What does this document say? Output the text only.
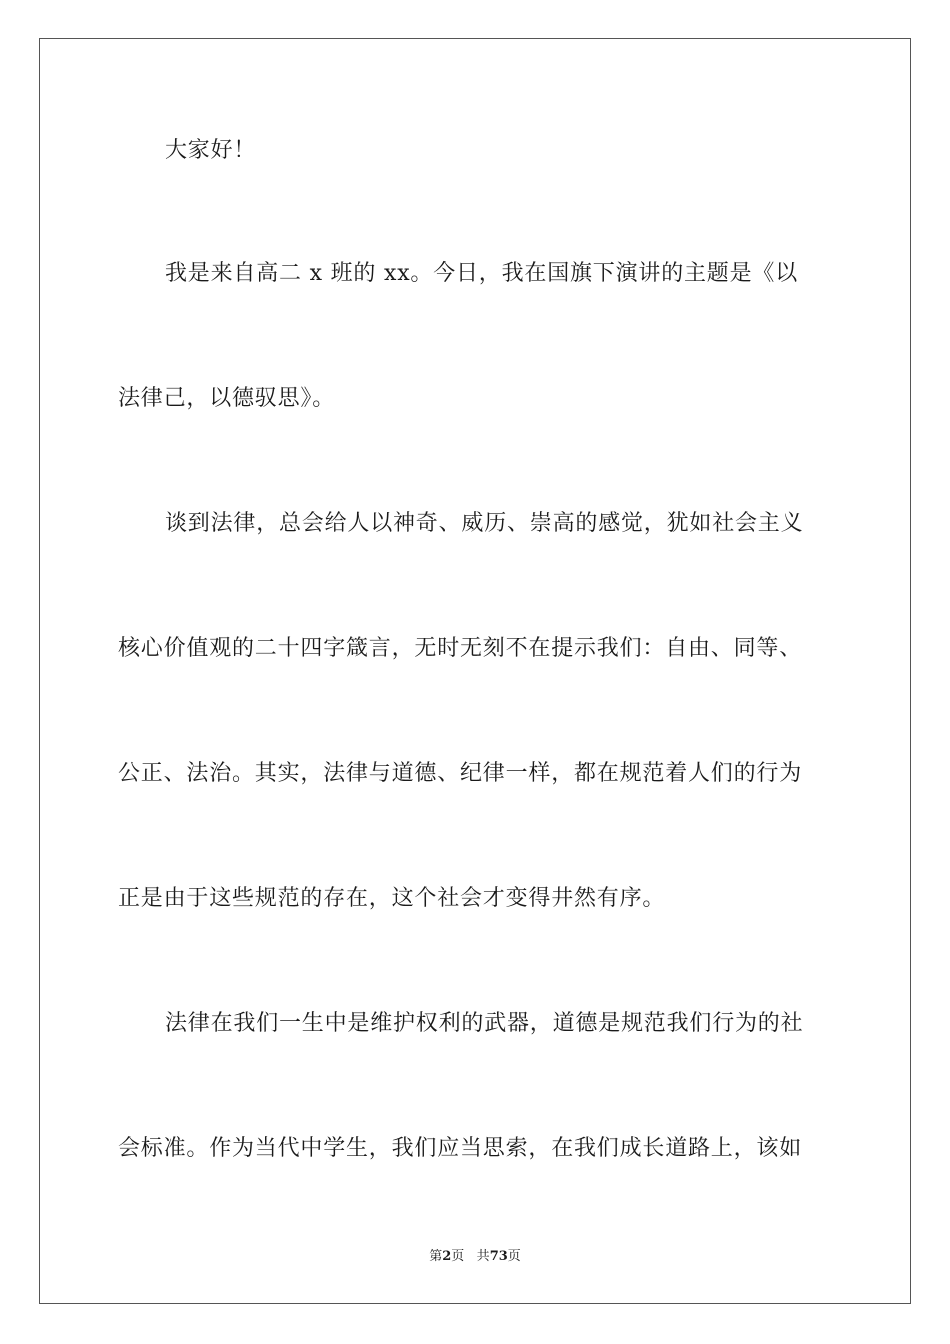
大家好！
我是来自高二 x 班的 xx。今日，我在国旗下演讲的主题是《以
法律己，以德驭思》。
谈到法律，总会给人以神奇、威历、崇高的感觉，犹如社会主义
核心价值观的二十四字箴言，无时无刻不在提示我们：自由、同等、
公正、法治。其实，法律与道德、纪律一样，都在规范着人们的行为
正是由于这些规范的存在，这个社会才变得井然有序。
法律在我们一生中是维护权利的武器，道德是规范我们行为的社
会标准。作为当代中学生，我们应当思索，在我们成长道路上，该如
第2页 共73页
